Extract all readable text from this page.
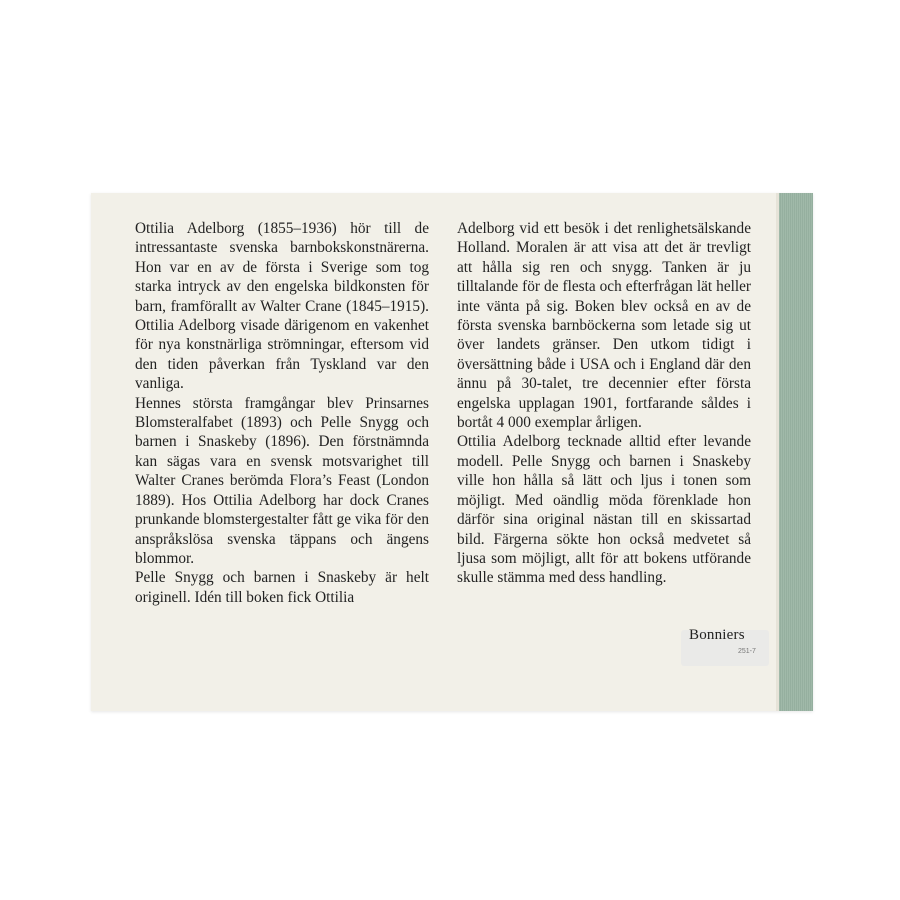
Ottilia Adelborg (1855–1936) hör till de intressantaste svenska barnbokskonstnärerna. Hon var en av de första i Sverige som tog starka intryck av den engelska bildkonsten för barn, framförallt av Walter Crane (1845–1915). Ottilia Adelborg visade därigenom en vakenhet för nya konstnärliga strömningar, eftersom vid den tiden påverkan från Tyskland var den vanliga.

Hennes största framgångar blev Prinsarnes Blomsteralfabet (1893) och Pelle Snygg och barnen i Snaskeby (1896). Den förstnämnda kan sägas vara en svensk motsvarighet till Walter Cranes berömda Flora’s Feast (London 1889). Hos Ottilia Adelborg har dock Cranes prunkande blomstergestalter fått ge vika för den anspråkslösa svenska täppans och ängens blommor.

Pelle Snygg och barnen i Snaskeby är helt originell. Idén till boken fick Ottilia

Adelborg vid ett besök i det renlighetsälskande Holland. Moralen är att visa att det är trevligt att hålla sig ren och snygg. Tanken är ju tilltalande för de flesta och efterfrågan lät heller inte vänta på sig. Boken blev också en av de första svenska barnböckerna som letade sig ut över landets gränser. Den utkom tidigt i översättning både i USA och i England där den ännu på 30-talet, tre decennier efter första engelska upplagan 1901, fortfarande såldes i bortåt 4 000 exemplar årligen.

Ottilia Adelborg tecknade alltid efter levande modell. Pelle Snygg och barnen i Snaskeby ville hon hålla så lätt och ljus i tonen som möjligt. Med oändlig möda förenklade hon därför sina original nästan till en skissartad bild. Färgerna sökte hon också medvetet så ljusa som möjligt, allt för att bokens utförande skulle stämma med dess handling.

Bonniers
251-7
